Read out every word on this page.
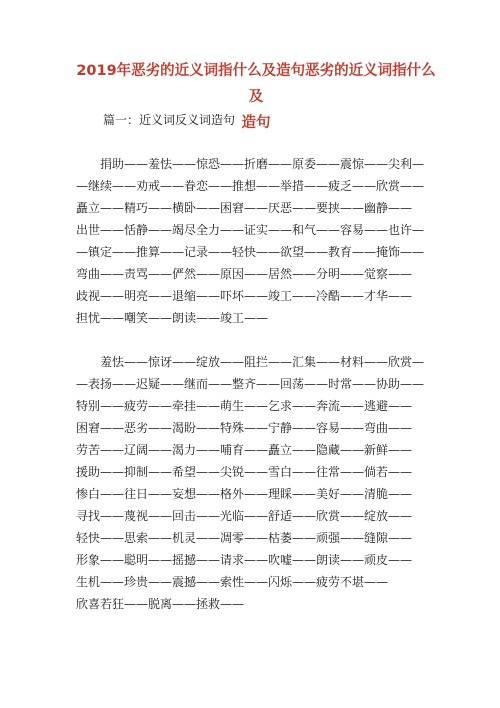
2019年恶劣的近义词指什么及造句恶劣的近义词指什么及
造句
篇一：近义词反义词造句
　　捐助——羞怯——惊恐——折磨——原委——震惊——尖利—
—继续——劝戒——眷恋——推想——举措——疲乏——欣赏——
矗立——精巧——横卧——困窘——厌恶——要挟——幽静——
出世——恬静——竭尽全力——证实——和气——容易——也许—
—镇定——推算——记录——轻快——欲望——教育——掩饰——
弯曲——责骂——俨然——原因——居然——分明——觉察——
歧视——明亮——退缩——吓坏——竣工——冷酷——才华——
担忧——嘲笑——朗读——竣工——
　　羞怯——惊讶——绽放——阻拦——汇集——材料——欣赏—
—表扬——迟疑——继而——整齐——回荡——时常——协助——
特别——疲劳——牵挂——萌生——乞求——奔流——逃避——
困窘——恶劣——渴盼——特殊——宁静——容易——弯曲——
劳苦——辽阔——渴力——哺育——矗立——隐藏——新鲜——
援助——抑制——希望——尖锐——雪白——往常——倘若——
惨白——往日——妄想——格外——理睬——美好——清脆——
寻找——蔑视——回击——光临——舒适——欣赏——绽放——
轻快——思索——机灵——凋零——枯萎——顽强——缝隙——
形象——聪明——摇撼——请求——吹嘘——朗读——顽皮——
生机——珍贵——震撼——索性——闪烁——疲劳不堪——
欣喜若狂——脱离——拯救——
